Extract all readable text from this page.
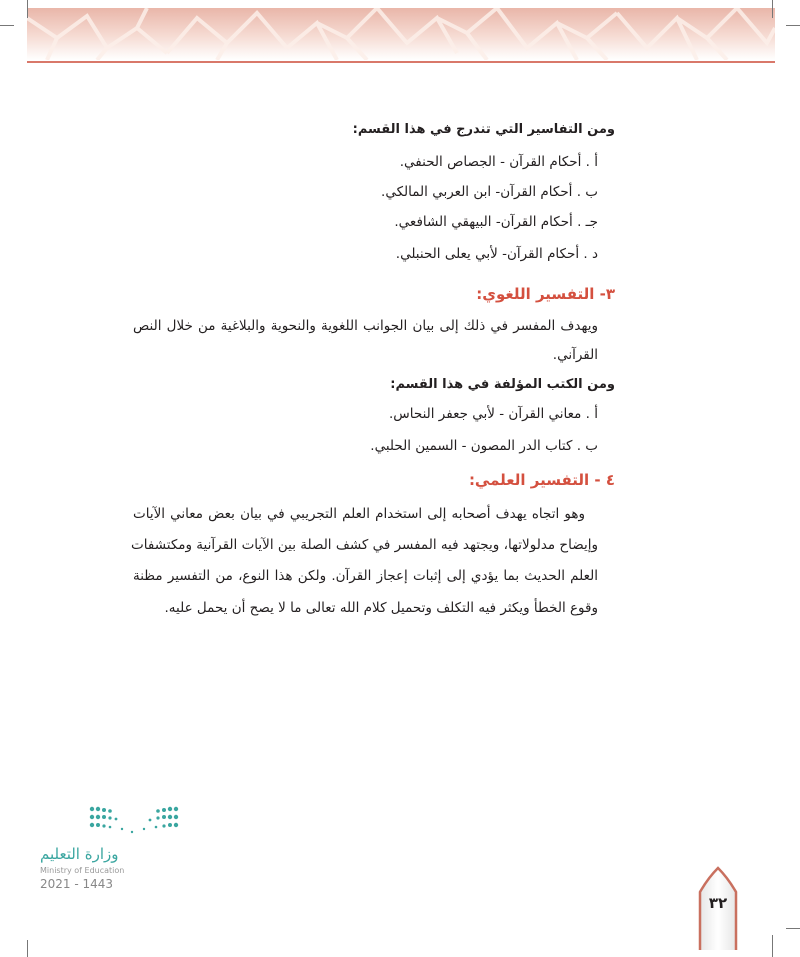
ومن التفاسير التي تندرج في هذا القسم:
أ . أحكام القرآن - الجصاص الحنفي.
ب . أحكام القرآن- ابن العربي المالكي.
جـ . أحكام القرآن- البيهقي الشافعي.
د . أحكام القرآن- لأبي يعلى الحنبلي.
٣- التفسير اللغوي:
ويهدف المفسر في ذلك إلى بيان الجوانب اللغوية والنحوية والبلاغية من خلال النص
القرآني.
ومن الكتب المؤلفة في هذا القسم:
أ . معاني القرآن - لأبي جعفر النحاس.
ب . كتاب الدر المصون - السمين الحلبي.
٤ - التفسير العلمي:
وهو اتجاه يهدف أصحابه إلى استخدام العلم التجريبي في بيان بعض معاني الآيات
وإيضاح مدلولاتها، ويجتهد فيه المفسر في كشف الصلة بين الآيات القرآنية ومكتشفات
العلم الحديث بما يؤدي إلى إثبات إعجاز القرآن. ولكن هذا النوع، من التفسير مظنة
وقوع الخطأ ويكثر فيه التكلف وتحميل كلام الله تعالى ما لا يصح أن يحمل عليه.
وزارة التعليم
Ministry of Education
2021 - 1443
٣٢
